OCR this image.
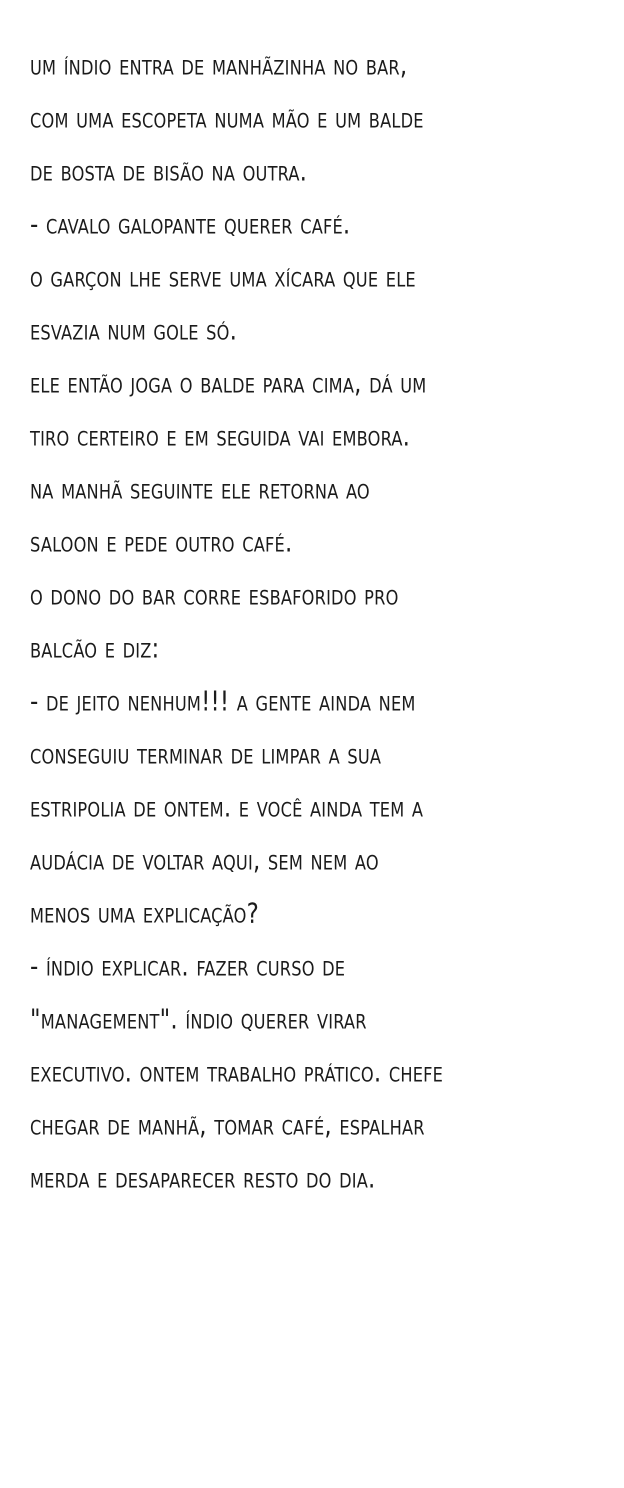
um índio entra de manhãzinha no bar,
com uma escopeta numa mão e um balde
de bosta de bisão na outra.
- cavalo galopante querer café.
o garçon lhe serve uma xícara que ele
esvazia num gole só.
ele então joga o balde para cima, dá um
tiro certeiro e em seguida vai embora.
na manhã seguinte ele retorna ao
saloon e pede outro café.
o dono do bar corre esbaforido pro
balcão e diz:
- de jeito nenhum!!! a gente ainda nem
conseguiu terminar de limpar a sua
estripolia de ontem. e você ainda tem a
audácia de voltar aqui, sem nem ao
menos uma explicação?
- índio explicar. fazer curso de
"management". índio querer virar
executivo. ontem trabalho prático. chefe
chegar de manhã, tomar café, espalhar
merda e desaparecer resto do dia.
